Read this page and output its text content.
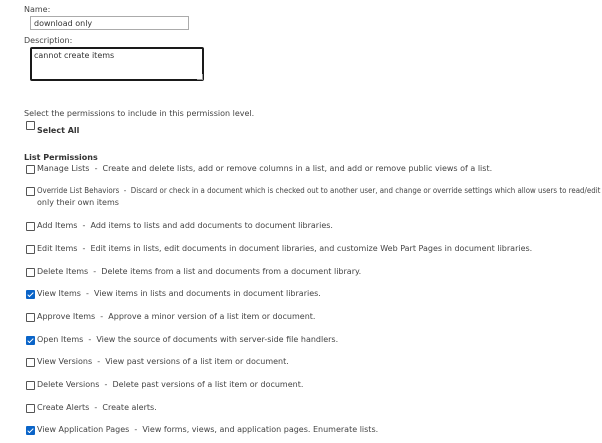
Name:
download only
Description:
cannot create items
Select the permissions to include in this permission level.
Select All
List Permissions
Manage Lists  -  Create and delete lists, add or remove columns in a list, and add or remove public views of a list.
Override List Behaviors  -  Discard or check in a document which is checked out to another user, and change or override settings which allow users to read/edit
only their own items
Add Items  -  Add items to lists and add documents to document libraries.
Edit Items  -  Edit items in lists, edit documents in document libraries, and customize Web Part Pages in document libraries.
Delete Items  -  Delete items from a list and documents from a document library.
View Items  -  View items in lists and documents in document libraries.
Approve Items  -  Approve a minor version of a list item or document.
Open Items  -  View the source of documents with server-side file handlers.
View Versions  -  View past versions of a list item or document.
Delete Versions  -  Delete past versions of a list item or document.
Create Alerts  -  Create alerts.
View Application Pages  -  View forms, views, and application pages. Enumerate lists.
